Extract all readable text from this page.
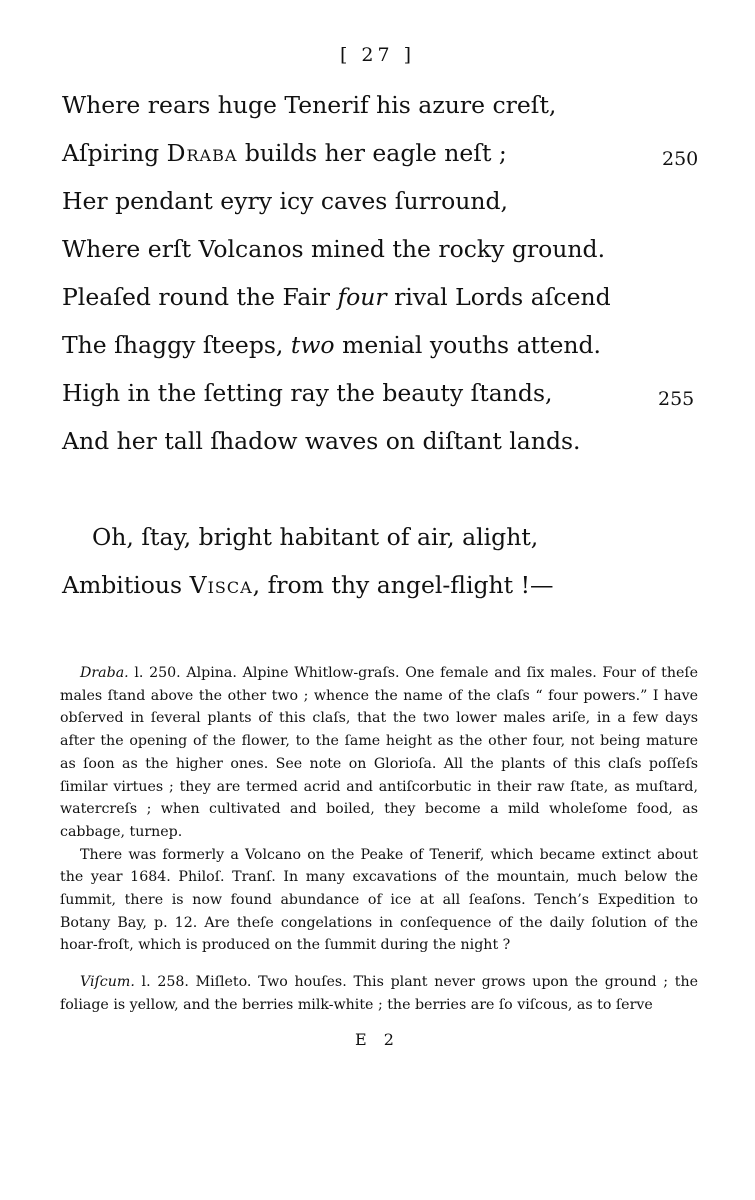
[ 27 ]
Where rears huge Tenerif his azure creſt,
Aſpiring Draba builds her eagle neſt ;	250
Her pendant eyry icy caves ſurround,
Where erſt Volcanos mined the rocky ground.
Pleaſed round the Fair four rival Lords aſcend
The ſhaggy ſteeps, two menial youths attend.
High in the ſetting ray the beauty ſtands,	255
And her tall ſhadow waves on diſtant lands.
Oh, ſtay, bright habitant of air, alight,
Ambitious Visca, from thy angel-flight !—

Draba. l. 250. Alpina. Alpine Whitlow-graſs. One female and ſix males. Four of theſe males ſtand above the other two ; whence the name of the claſs “ four powers.” I have obſerved in ſeveral plants of this claſs, that the two lower males ariſe, in a few days after the opening of the flower, to the ſame height as the other four, not being mature as ſoon as the higher ones. See note on Glorioſa. All the plants of this claſs poſſeſs ſimilar virtues ; they are termed acrid and antiſcorbutic in their raw ſtate, as muſtard, watercreſs ; when cultivated and boiled, they become a mild wholeſome food, as cabbage, turnep.

There was formerly a Volcano on the Peake of Tenerif, which became extinct about the year 1684. Philoſ. Tranſ. In many excavations of the mountain, much below the ſummit, there is now found abundance of ice at all ſeaſons. Tench’s Expedition to Botany Bay, p. 12. Are theſe congelations in conſequence of the daily ſolution of the hoar-froſt, which is produced on the ſummit during the night ?

Viſcum. l. 258. Miſleto. Two houſes. This plant never grows upon the ground ; the foliage is yellow, and the berries milk-white ; the berries are ſo viſcous, as to ſerve

E 2
